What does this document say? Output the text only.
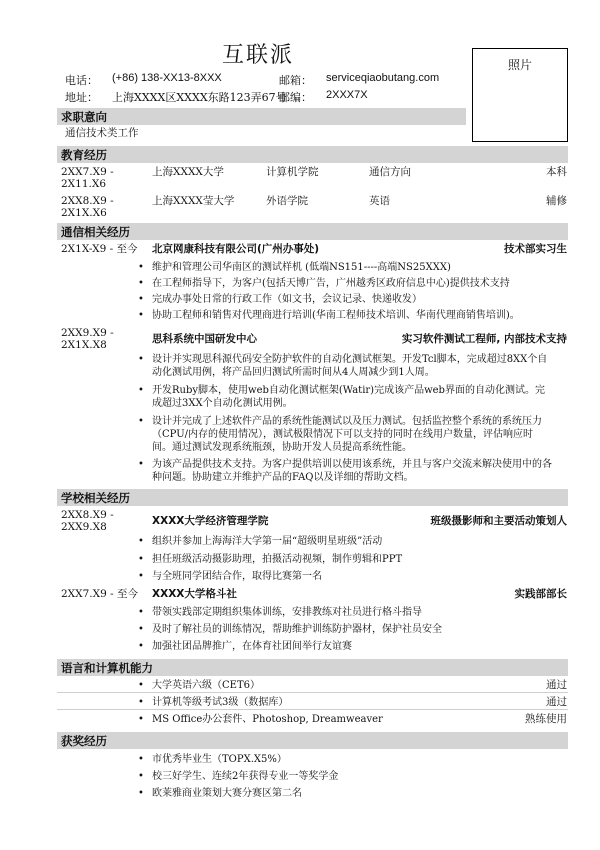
互联派	照片
电话： (+86) 138-XX13-8XXX	邮箱： serviceqiaobutang.com
地址： 上海XXXX区XXXX东路123弄67号
邮编： 2XXX7X
求职意向
通信技术类工作
教育经历
2XX7.X9 -
2X11.X6
上海XXXX大学	计算机学院	通信方向	本科
2XX8.X9 -
2X1X.X6
上海XXXX莹大学	外语学院	英语	辅修
通信相关经历
2X1X-X9 - 至今 北京网康科技有限公司(广州办事处)	技术部实习生
• 维护和管理公司华南区的测试样机 (低端NS151----高端NS25XXX)
• 在工程师指导下，为客户(包括天博广告，广州越秀区政府信息中心)提供技术支持
• 完成办事处日常的行政工作（如文书，会议记录、快递收发）
• 协助工程师和销售对代理商进行培训(华南工程师技术培训、华南代理商销售培训)。
2XX9.X9 -
2X1X.X8	思科系统中国研发中心	实习软件测试工程师, 内部技术支持
• 设计并实现思科源代码安全防护软件的自动化测试框架。开发Tcl脚本，完成超过8XX个自动化测试用例，将产品回归测试所需时间从4人周减少到1人周。
• 开发Ruby脚本，使用web自动化测试框架(Watir)完成该产品web界面的自动化测试。完成超过3XX个自动化测试用例。
• 设计并完成了上述软件产品的系统性能测试以及压力测试。包括监控整个系统的系统压力（CPU/内存的使用情况），测试极限情况下可以支持的同时在线用户数量，评估响应时间。通过测试发现系统瓶颈，协助开发人员提高系统性能。
• 为该产品提供技术支持。为客户提供培训以使用该系统，并且与客户交流来解决使用中的各种问题。协助建立并维护产品的FAQ以及详细的帮助文档。
学校相关经历
2XX8.X9 -
2XX9.X8	XXXX大学经济管理学院	班级摄影师和主要活动策划人
• 组织并参加上海海洋大学第一届“超级明星班级”活动
• 担任班级活动摄影助理，拍摄活动视频，制作剪辑和PPT
• 与全班同学团结合作，取得比赛第一名
2XX7.X9 - 至今 XXXX大学格斗社	实践部部长
• 带领实践部定期组织集体训练，安排教练对社员进行格斗指导
• 及时了解社员的训练情况，帮助维护训练防护器材，保护社员安全
• 加强社团品牌推广，在体育社团间举行友谊赛
语言和计算机能力
• 大学英语六级（CET6）	通过
• 计算机等级考试3级（数据库）	通过
• MS Office办公套件、Photoshop, Dreamweaver	熟练使用
获奖经历
• 市优秀毕业生（TOPX.X5%）
• 校三好学生、连续2年获得专业一等奖学金
• 欧莱雅商业策划大赛分赛区第二名
